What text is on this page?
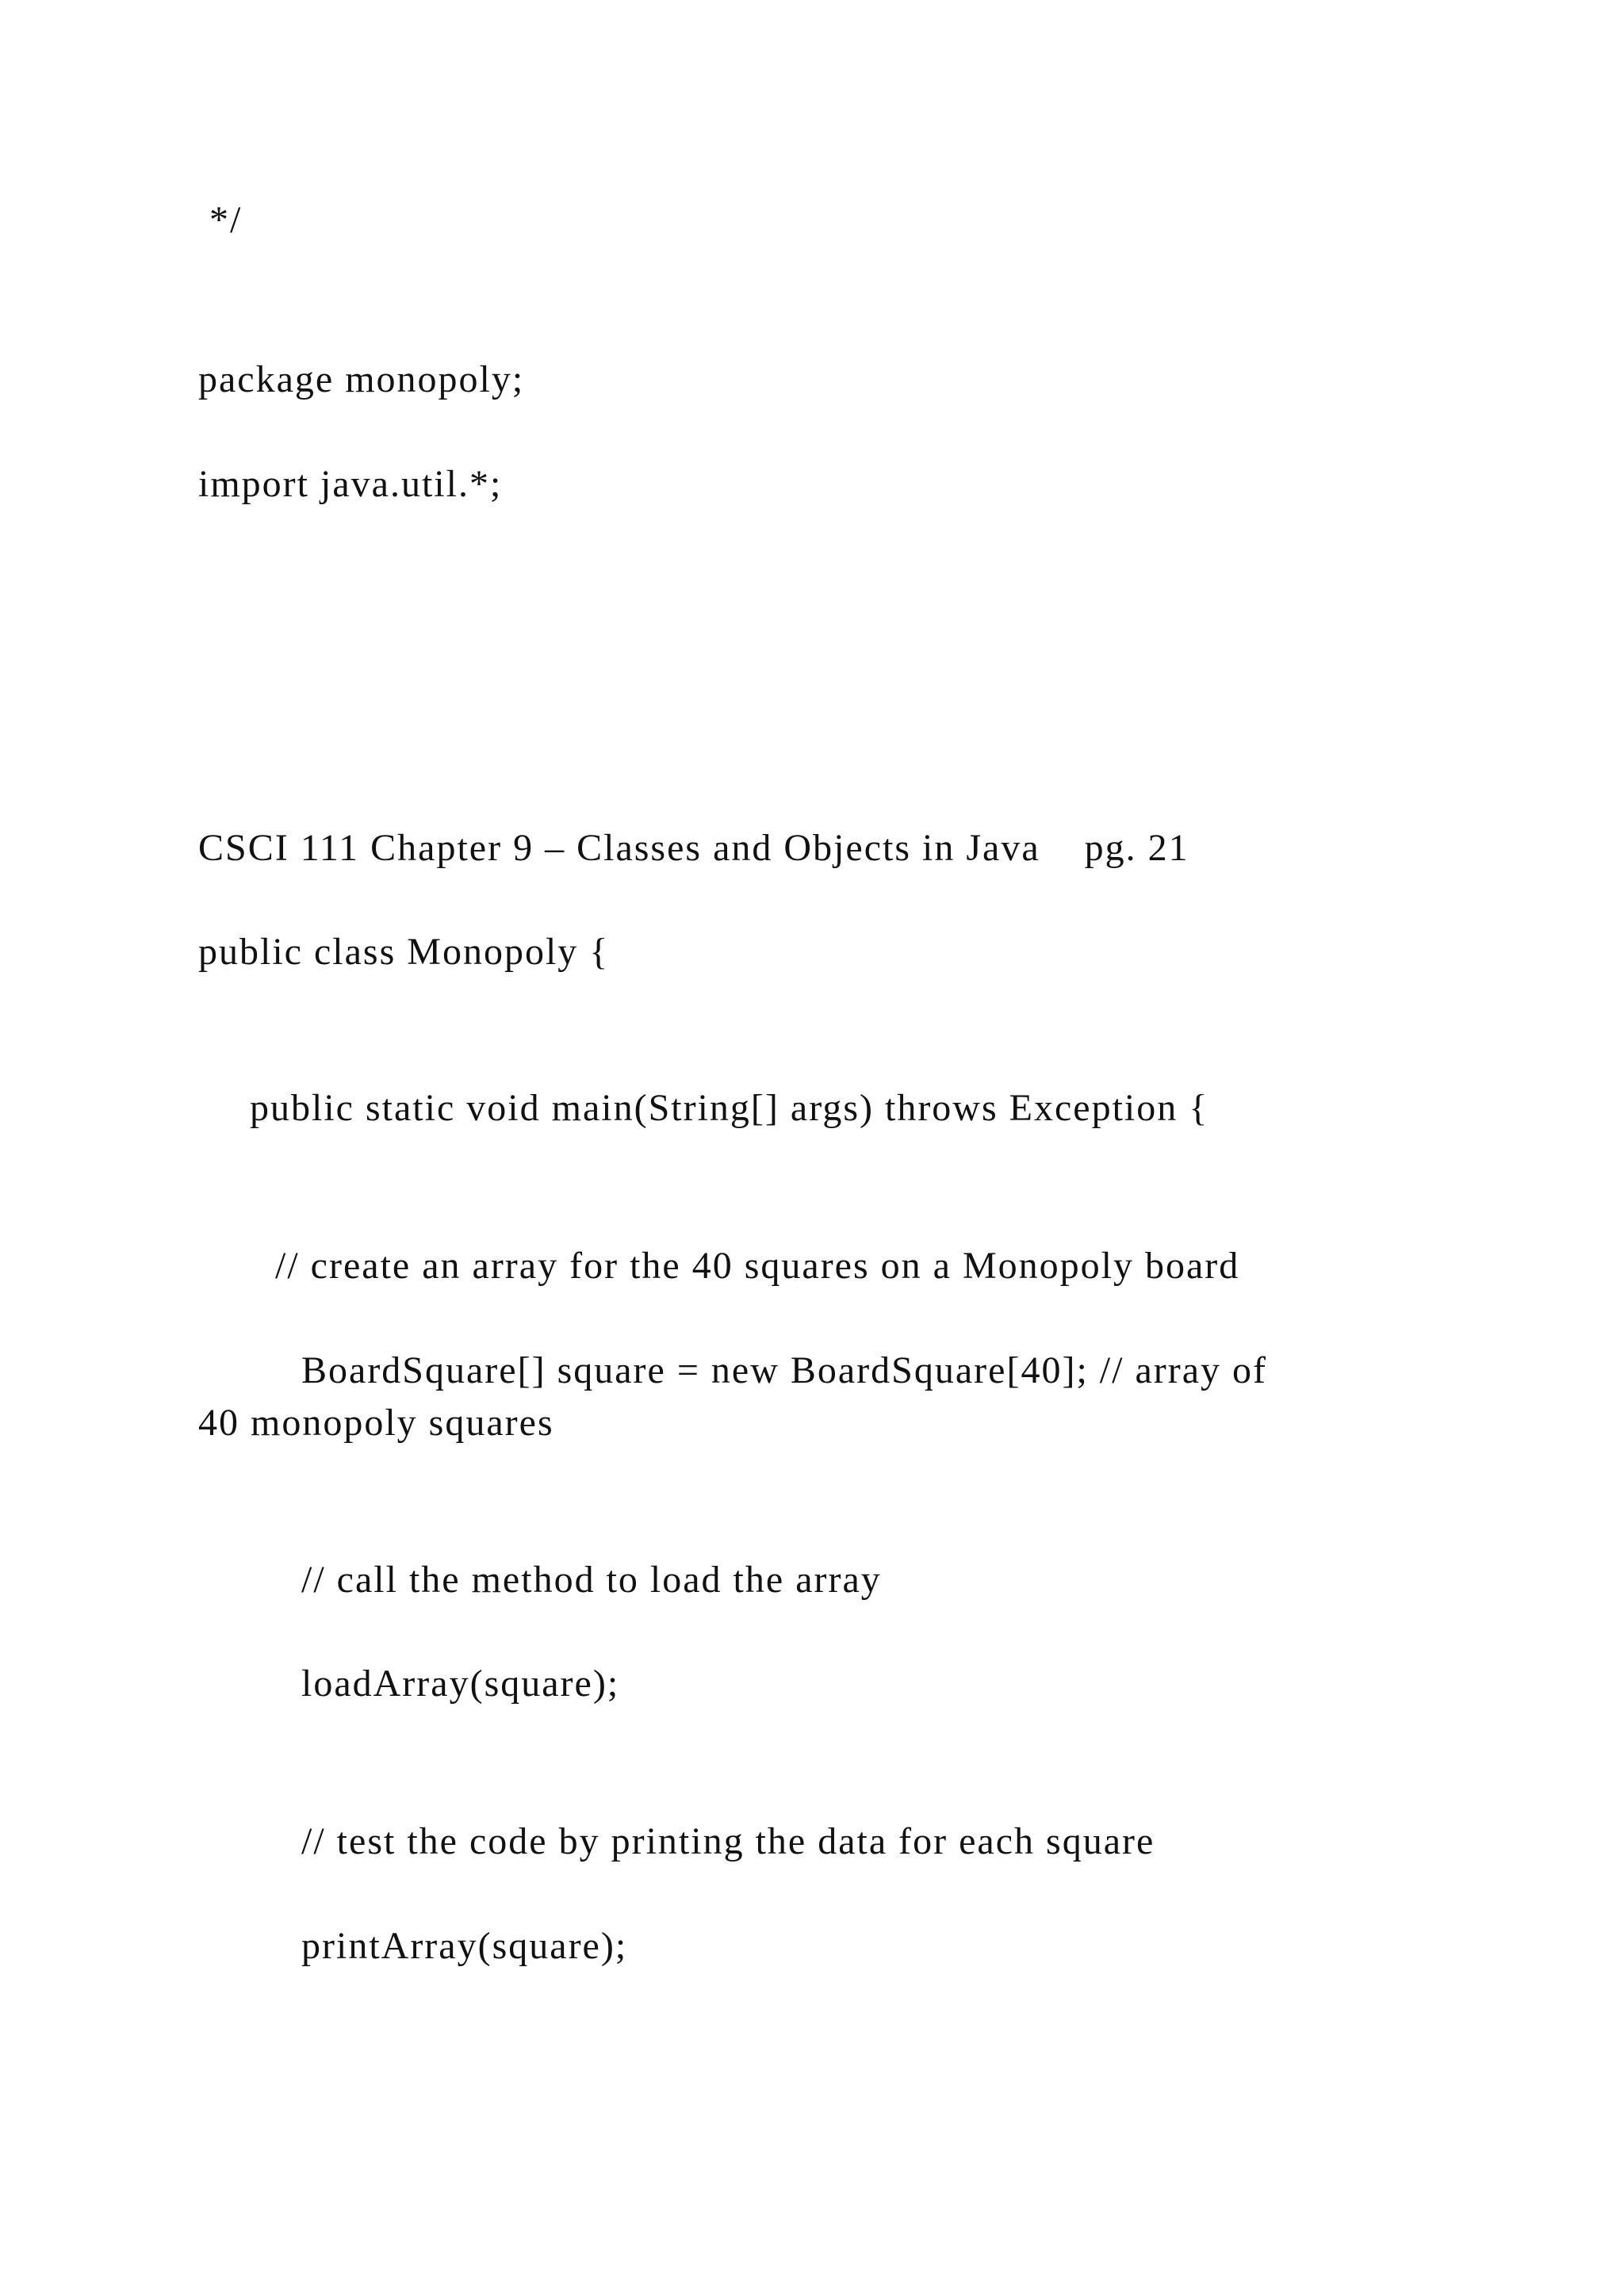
*/
package monopoly;
import java.util.*;
CSCI 111 Chapter 9 – Classes and Objects in Java    pg. 21
public class Monopoly {
public static void main(String[] args) throws Exception {
// create an array for the 40 squares on a Monopoly board
BoardSquare[] square = new BoardSquare[40]; // array of
40 monopoly squares
// call the method to load the array
loadArray(square);
// test the code by printing the data for each square
printArray(square);
